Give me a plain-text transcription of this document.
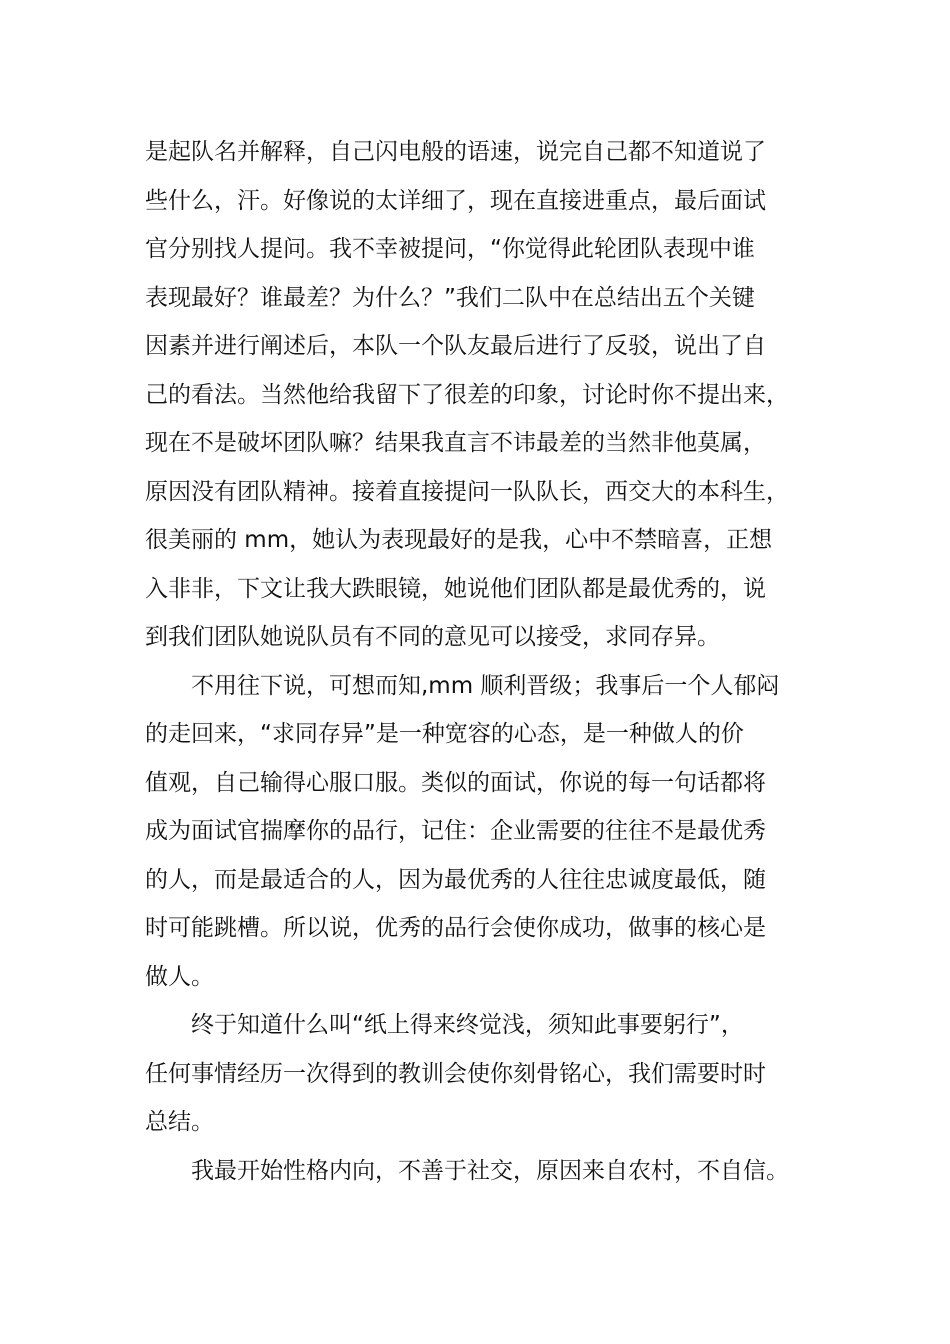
是起队名并解释，自己闪电般的语速，说完自己都不知道说了
些什么，汗。好像说的太详细了，现在直接进重点，最后面试
官分别找人提问。我不幸被提问，“你觉得此轮团队表现中谁
表现最好？谁最差？为什么？”我们二队中在总结出五个关键
因素并进行阐述后，本队一个队友最后进行了反驳，说出了自
己的看法。当然他给我留下了很差的印象，讨论时你不提出来，
现在不是破坏团队嘛？结果我直言不讳最差的当然非他莫属，
原因没有团队精神。接着直接提问一队队长，西交大的本科生，
很美丽的 mm，她认为表现最好的是我，心中不禁暗喜，正想
入非非，下文让我大跌眼镜，她说他们团队都是最优秀的，说
到我们团队她说队员有不同的意见可以接受，求同存异。
　　不用往下说，可想而知,mm 顺利晋级；我事后一个人郁闷
的走回来，“求同存异”是一种宽容的心态，是一种做人的价
值观，自己输得心服口服。类似的面试，你说的每一句话都将
成为面试官揣摩你的品行，记住：企业需要的往往不是最优秀
的人，而是最适合的人，因为最优秀的人往往忠诚度最低，随
时可能跳槽。所以说，优秀的品行会使你成功，做事的核心是
做人。
　　终于知道什么叫“纸上得来终觉浅，须知此事要躬行”，
任何事情经历一次得到的教训会使你刻骨铭心，我们需要时时
总结。
　　我最开始性格内向，不善于社交，原因来自农村，不自信。
